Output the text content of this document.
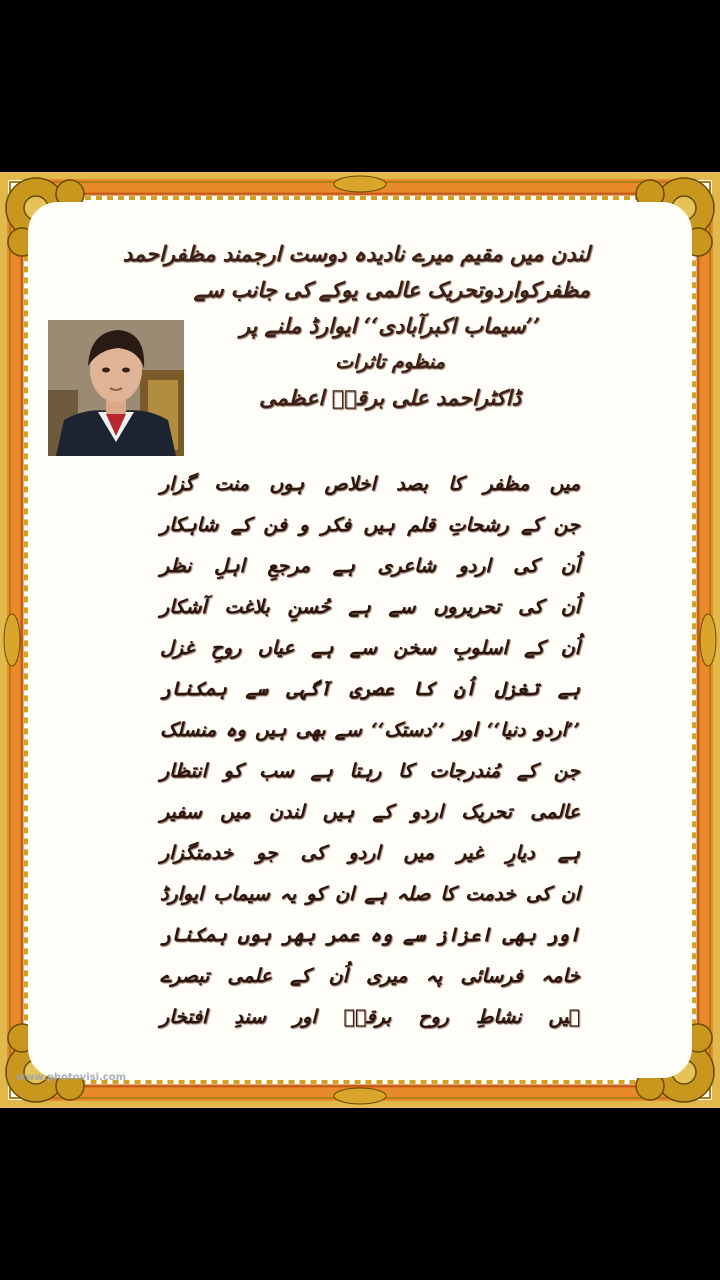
لندن میں مقیم میرے نادیدہ دوست ارجمند مظفراحمد
مظفرکواردوتحریک عالمی یوکے کی جانب سے
’’سیماب اکبرآبادی‘‘ ایوارڈ ملنے پر
منظوم تاثرات
ڈاکٹراحمد علی برقیؔ اعظمی
میں مظفر کا بصد اخلاص ہوں منت گزار
جن کے رشحاتِ قلم ہیں فکر و فن کے شاہکار
اُن کی اردو شاعری ہے مرجعِ اہلِ نظر
اُن کی تحریروں سے ہے حُسنِ بلاغت آشکار
اُن کے اسلوبِ سخن سے ہے عیاں روحِ غزل
ہے تغزل اُن کا عصری آگہی سے ہمکنار
’’اردو دنیا‘‘ اور ’’دستک‘‘ سے بھی ہیں وہ منسلک
جن کے مُندرجات کا رہتا ہے سب کو انتظار
عالمی تحریک اردو کے ہیں لندن میں سفیر
ہے دیارِ غیر میں اردو کی جو خدمتگزار
ان کی خدمت کا صلہ ہے ان کو یہ سیماب ایوارڈ
اور بھی اعزاز سے وہ عمر بھر ہوں ہمکنار
خامہ فرسائی پہ میری اُن کے علمی تبصرے
ہیں نشاطِ روح برقیؔ اور سندِ افتخار
www.photovisi.com
